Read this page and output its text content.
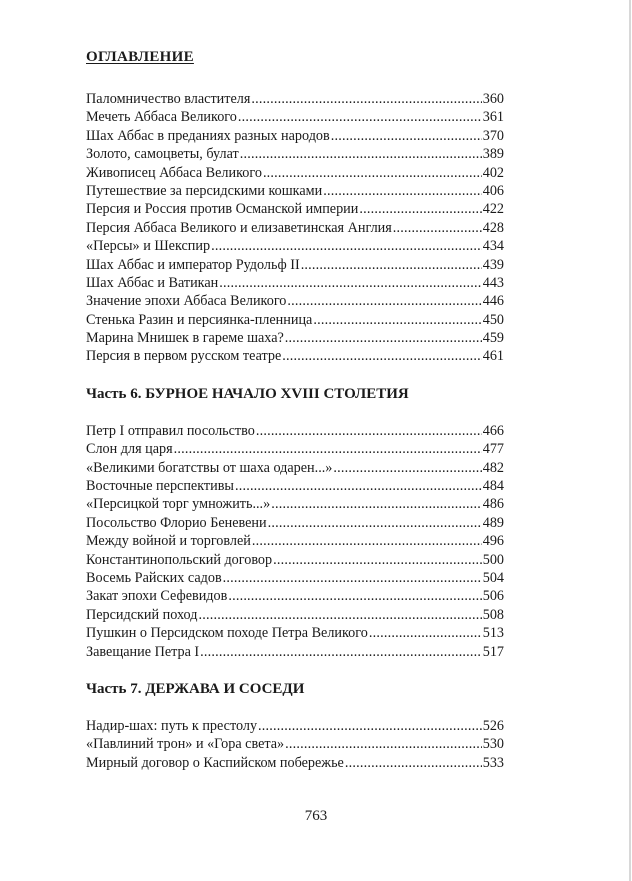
ОГЛАВЛЕНИЕ
Паломничество властителя .....	360
Мечеть Аббаса Великого .....	361
Шах Аббас в преданиях разных народов .....	370
Золото, самоцветы, булат .....	389
Живописец Аббаса Великого .....	402
Путешествие за персидскими кошками .....	406
Персия и Россия против Османской империи .....	422
Персия Аббаса Великого и елизаветинская Англия .....	428
«Персы» и Шекспир .....	434
Шах Аббас и император Рудольф II .....	439
Шах Аббас и Ватикан .....	443
Значение эпохи Аббаса Великого .....	446
Стенька Разин и персиянка-пленница .....	450
Марина Мнишек в гареме шаха? .....	459
Персия в первом русском театре .....	461
Часть 6. БУРНОЕ НАЧАЛО XVIII СТОЛЕТИЯ
Петр I отправил посольство .....	466
Слон для царя .....	477
«Великими богатствы от шаха одарен...» .....	482
Восточные перспективы .....	484
«Персицкой торг умножить...» .....	486
Посольство Флорио Беневени .....	489
Между войной и торговлей .....	496
Константинопольский договор .....	500
Восемь Райских садов .....	504
Закат эпохи Сефевидов .....	506
Персидский поход .....	508
Пушкин о Персидском походе Петра Великого .....	513
Завещание Петра I .....	517
Часть 7. ДЕРЖАВА И СОСЕДИ
Надир-шах: путь к престолу .....	526
«Павлиний трон» и «Гора света» .....	530
Мирный договор о Каспийском побережье .....	533
763
